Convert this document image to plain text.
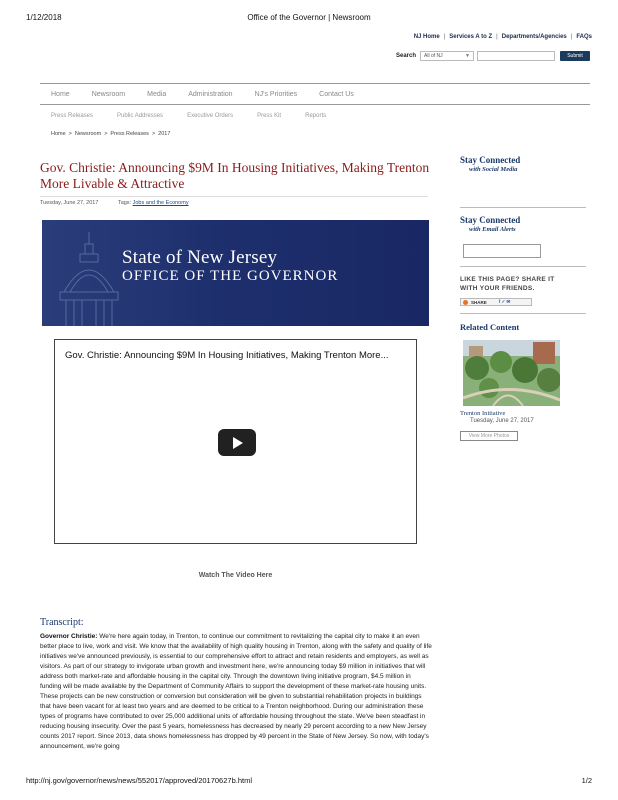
1/12/2018	Office of the Governor | Newsroom
NJ Home | Services A to Z | Departments/Agencies | FAQs
Search	All of NJ	▼	Submit
Home	Newsroom	Media	Administration	NJ's Priorities	Contact Us
Press Releases	Public Addresses	Executive Orders	Press Kit	Reports
Home > Newsroom > Press Releases > 2017
Gov. Christie: Announcing $9M In Housing Initiatives, Making Trenton More Livable & Attractive
Tuesday, June 27, 2017	Tags: Jobs and the Economy
State of New Jersey
OFFICE OF THE GOVERNOR
Gov. Christie: Announcing $9M In Housing Initiatives, Making Trenton More...
Watch The Video Here
Transcript:
Governor Christie: We're here again today, in Trenton, to continue our commitment to revitalizing the capital city to make it an even better place to live, work and visit. We know that the availability of high quality housing in Trenton, along with the safety and quality of life initiatives we've announced previously, is essential to our comprehensive effort to attract and retain residents and employers, as well as visitors. As part of our strategy to invigorate urban growth and investment here, we're announcing today $9 million in initiatives that will address both market-rate and affordable housing in the capital city. Through the downtown living initiative program, $4.5 million in funding will be made available by the Department of Community Affairs to support the development of these market-rate housing units. These projects can be new construction or conversion but consideration will be given to substantial rehabilitation projects in buildings that have been vacant for at least two years and are deemed to be critical to a Trenton neighborhood. During our administration these types of programs have contributed to over 25,000 additional units of affordable housing throughout the state. We've been steadfast in reducing housing insecurity. Over the past 5 years, homelessness has decreased by nearly 29 percent according to a new New Jersey counts 2017 report. Since 2013, data shows homelessness has dropped by 49 percent in the State of New Jersey. So now, with today's announcement, we're going
Stay Connected
with Social Media
Stay Connected
with Email Alerts
LIKE THIS PAGE? SHARE IT
WITH YOUR FRIENDS.
SHARE	f ✓ ✉
Related Content
Trenton Initiative
Tuesday, June 27, 2017
View More Photos
http://nj.gov/governor/news/news/552017/approved/20170627b.html	1/2
